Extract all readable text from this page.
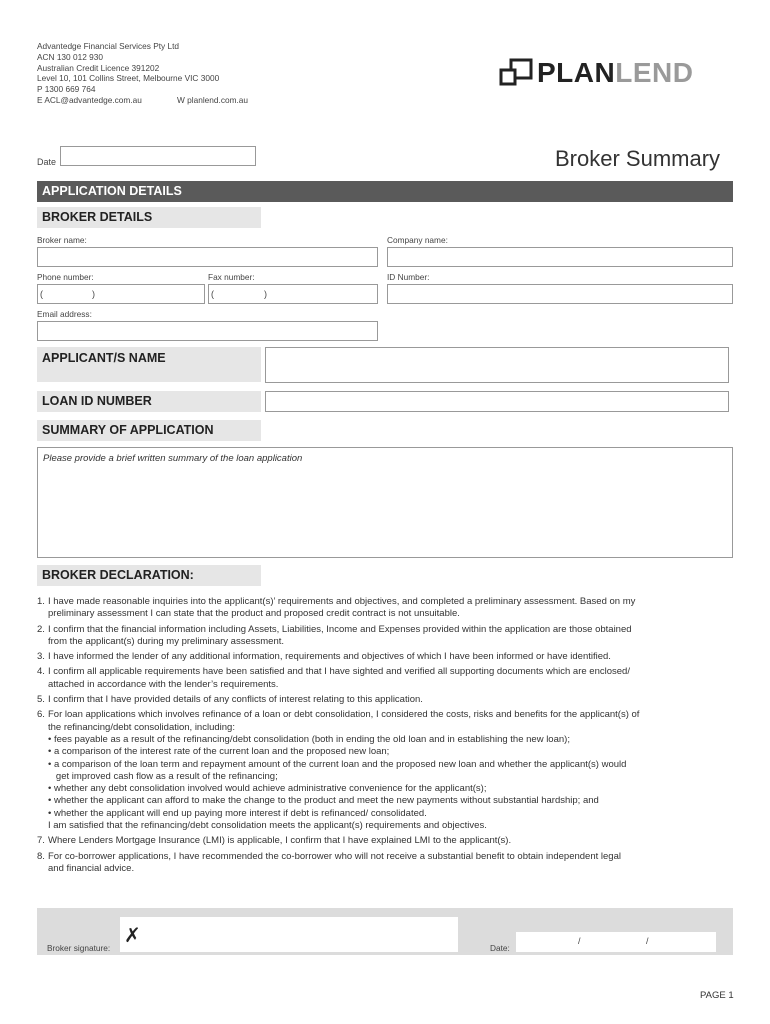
Advantedge Financial Services Pty Ltd
ACN 130 012 930
Australian Credit Licence 391202
Level 10, 101 Collins Street, Melbourne VIC 3000
P 1300 669 764
E ACL@advantedge.com.au	W planlend.com.au
PLAN LEND
Date	Broker Summary
APPLICATION DETAILS
BROKER DETAILS
Broker name:	Company name:
Phone number:
(	)
Fax number:
(	)
ID Number:
Email address:
APPLICANT/S NAME
LOAN ID NUMBER
SUMMARY OF APPLICATION
Please provide a brief written summary of the loan application
BROKER DECLARATION:
1. I have made reasonable inquiries into the applicant(s)’ requirements and objectives, and completed a preliminary assessment. Based on my
preliminary assessment I can state that the product and proposed credit contract is not unsuitable.
2. I confirm that the financial information including Assets, Liabilities, Income and Expenses provided within the application are those obtained
from the applicant(s) during my preliminary assessment.
3. I have informed the lender of any additional information, requirements and objectives of which I have been informed or have identified.
4. I confirm all applicable requirements have been satisfied and that I have sighted and verified all supporting documents which are enclosed/
attached in accordance with the lender’s requirements.
5. I confirm that I have provided details of any conflicts of interest relating to this application.
6. For loan applications which involves refinance of a loan or debt consolidation, I considered the costs, risks and benefits for the applicant(s) of
the refinancing/debt consolidation, including:
• fees payable as a result of the refinancing/debt consolidation (both in ending the old loan and in establishing the new loan);
• a comparison of the interest rate of the current loan and the proposed new loan;
• a comparison of the loan term and repayment amount of the current loan and the proposed new loan and whether the applicant(s) would
get improved cash flow as a result of the refinancing;
• whether any debt consolidation involved would achieve administrative convenience for the applicant(s);
• whether the applicant can afford to make the change to the product and meet the new payments without substantial hardship; and
• whether the applicant will end up paying more interest if debt is refinanced/ consolidated.
I am satisfied that the refinancing/debt consolidation meets the applicant(s) requirements and objectives.
7. Where Lenders Mortgage Insurance (LMI) is applicable, I confirm that I have explained LMI to the applicant(s).
8. For co-borrower applications, I have recommended the co-borrower who will not receive a substantial benefit to obtain independent legal
and financial advice.
✗
Broker signature:	Date:
/	/
PAGE 1
